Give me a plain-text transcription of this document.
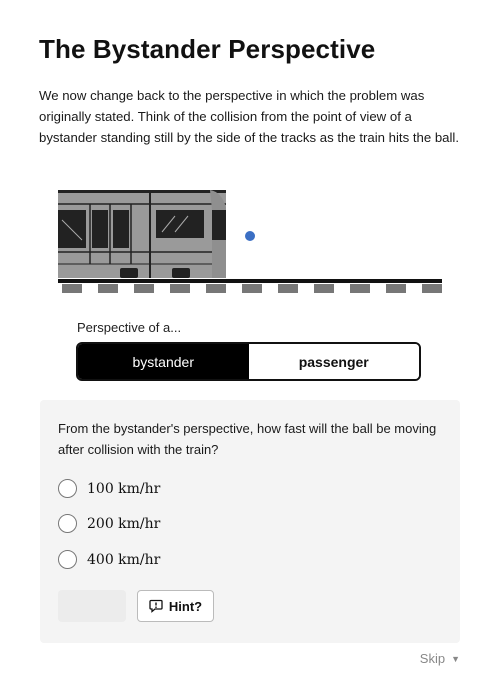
The Bystander Perspective
We now change back to the perspective in which the problem was originally stated. Think of the collision from the point of view of a bystander standing still by the side of the tracks as the train hits the ball.
Perspective of a...
bystander	passenger
From the bystander's perspective, how fast will the ball be moving after collision with the train?
100 km/hr
200 km/hr
400 km/hr
Hint?
Skip ▼
